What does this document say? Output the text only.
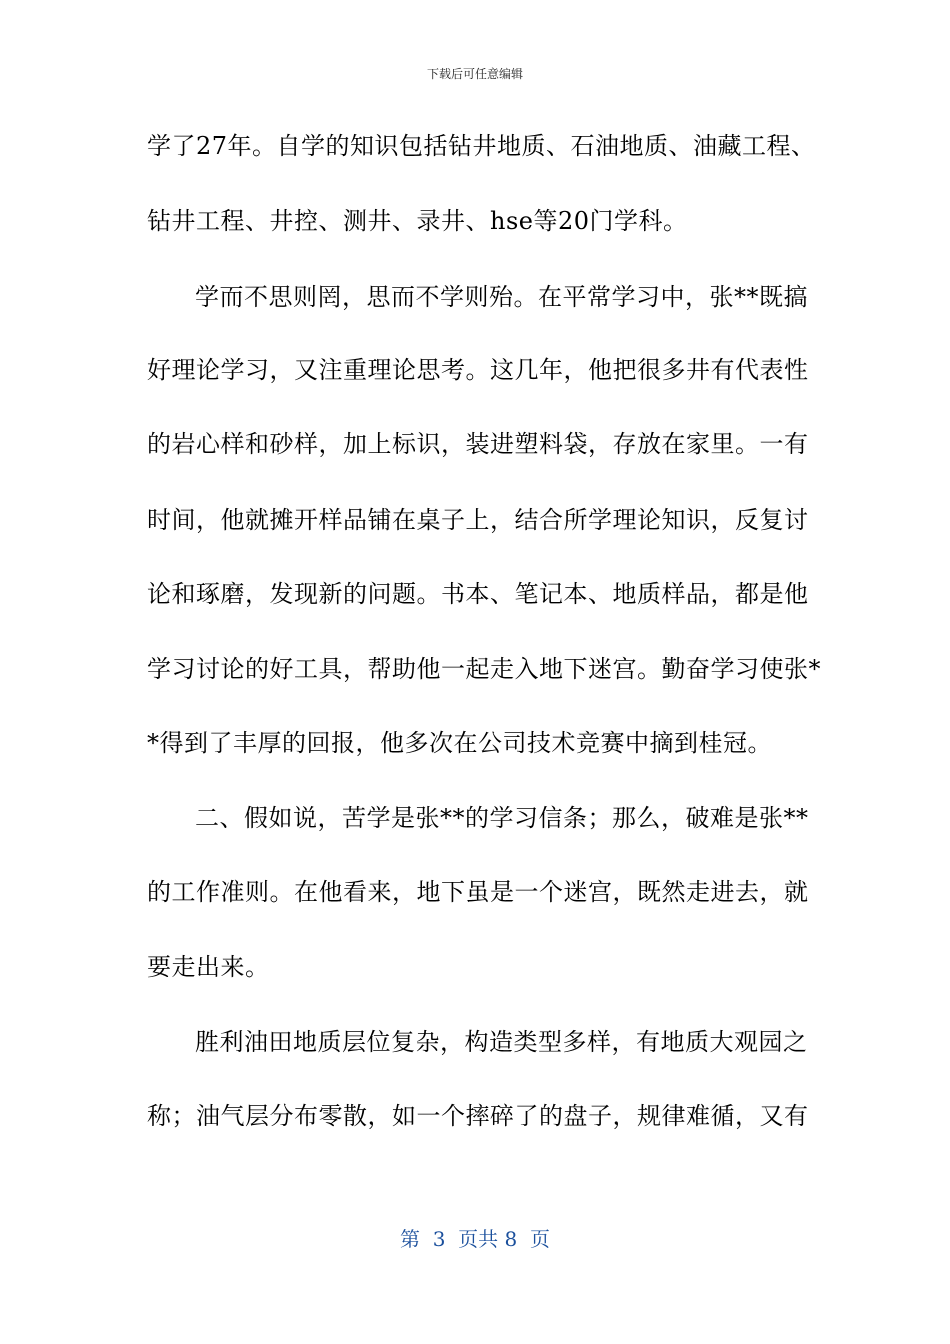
下载后可任意编辑
学了27年。自学的知识包括钻井地质、石油地质、油藏工程、
钻井工程、井控、测井、录井、hse等20门学科。
学而不思则罔，思而不学则殆。在平常学习中，张**既搞
好理论学习，又注重理论思考。这几年，他把很多井有代表性
的岩心样和砂样，加上标识，装进塑料袋，存放在家里。一有
时间，他就摊开样品铺在桌子上，结合所学理论知识，反复讨
论和琢磨，发现新的问题。书本、笔记本、地质样品，都是他
学习讨论的好工具，帮助他一起走入地下迷宫。勤奋学习使张*
*得到了丰厚的回报，他多次在公司技术竞赛中摘到桂冠。
二、假如说，苦学是张**的学习信条；那么，破难是张**
的工作准则。在他看来，地下虽是一个迷宫，既然走进去，就
要走出来。
胜利油田地质层位复杂，构造类型多样，有地质大观园之
称；油气层分布零散，如一个摔碎了的盘子，规律难循，又有
第  3  页共 8  页
